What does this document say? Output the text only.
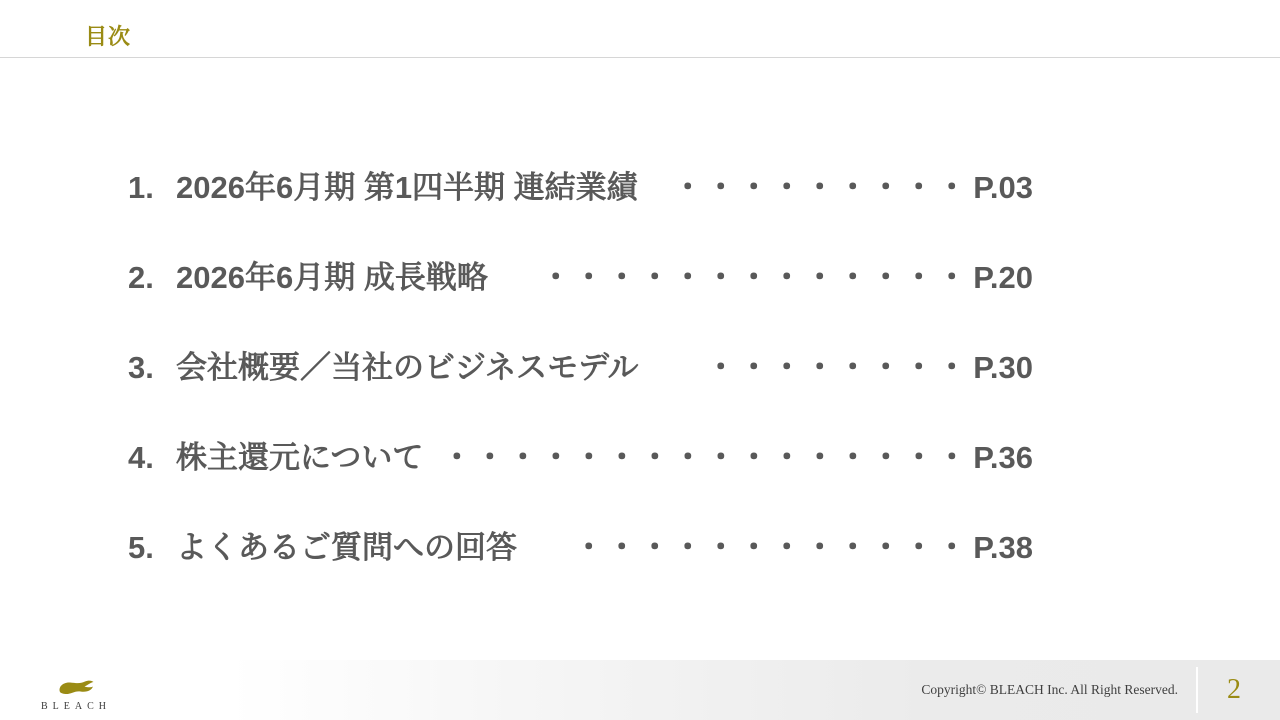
目次
1. 2026年6月期 第1四半期 連結業績	・・・・・・・・・ P.03
2. 2026年6月期 成長戦略	・・・・・・・・・・・・・ P.20
3. 会社概要／当社のビジネスモデル	・・・・・・・・ P.30
4. 株主還元について ・・・・・・・・・・・・・・・・ P.36
5. よくあるご質問への回答	・・・・・・・・・・・・ P.38
BLEACH
Copyright© BLEACH Inc. All Right Reserved. 2
